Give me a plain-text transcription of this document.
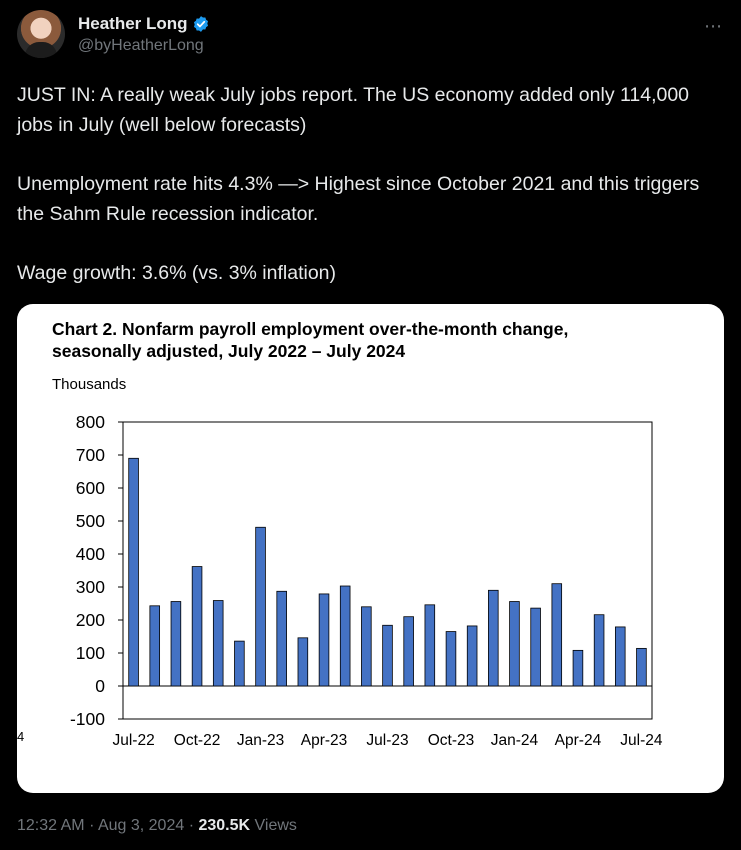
Heather Long
@byHeatherLong
⋯

JUST IN: A really weak July jobs report. The US economy added only 114,000 jobs in July (well below forecasts)

Unemployment rate hits 4.3% —> Highest since October 2021 and this triggers the Sahm Rule recession indicator.

Wage growth: 3.6% (vs. 3% inflation)

Chart 2. Nonfarm payroll employment over-the-month change,
seasonally adjusted, July 2022 – July 2024
Thousands
4
800
700
600
500
400
300
200
100
0
-100
Jul-22 Oct-22 Jan-23 Apr-23 Jul-23 Oct-23 Jan-24 Apr-24 Jul-24
12:32 AM · Aug 3, 2024 · 230.5K Views
